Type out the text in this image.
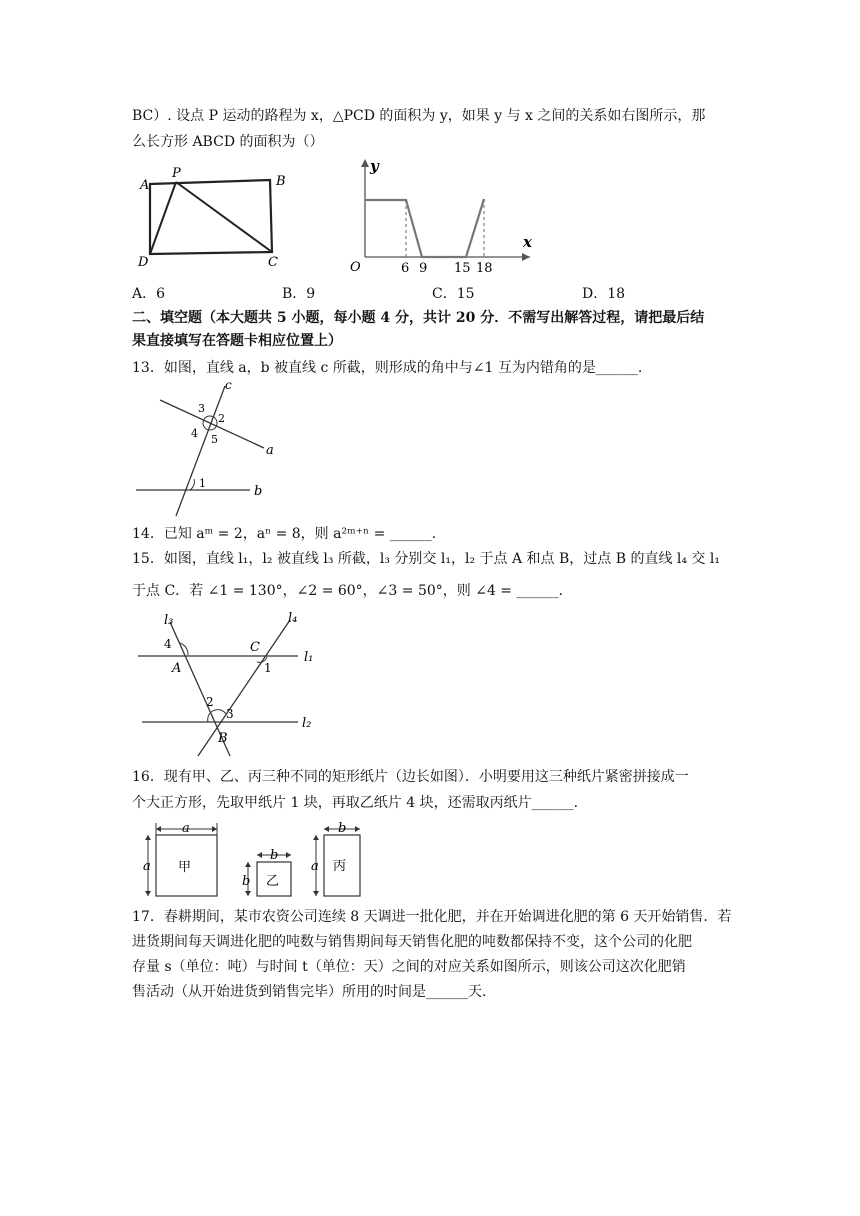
BC）. 设点 P 运动的路程为 x，△PCD 的面积为 y，如果 y 与 x 之间的关系如右图所示，那
么长方形 ABCD 的面积为（）
A
P
B
D	C
y
x
O	6 9 15 18
A．6	B．9	C．15	D．18
二、填空题（本大题共 5 小题，每小题 4 分，共计 20 分．不需写出解答过程，请把最后结
果直接填写在答题卡相应位置上）
13．如图，直线 a，b 被直线 c 所截，则形成的角中与∠1 互为内错角的是______.
c
3
2
4 5
a
1
b
14．已知 aᵐ = 2，aⁿ = 8，则 a²ᵐ⁺ⁿ = ______.
15．如图，直线 l₁，l₂ 被直线 l₃ 所截，l₃ 分别交 l₁，l₂ 于点 A 和点 B，过点 B 的直线 l₄ 交 l₁
于点 C．若 ∠1 = 130°，∠2 = 60°，∠3 = 50°，则 ∠4 = ______.
l₃	l₄
4	C
l₁
A	1
2
3
l₂
B
16．现有甲、乙、丙三种不同的矩形纸片（边长如图）．小明要用这三种纸片紧密拼接成一
个大正方形，先取甲纸片 1 块，再取乙纸片 4 块，还需取丙纸片______.
a
a 甲
b
b 乙
b
a 丙
17．春耕期间，某市农资公司连续 8 天调进一批化肥，并在开始调进化肥的第 6 天开始销售．若
进货期间每天调进化肥的吨数与销售期间每天销售化肥的吨数都保持不变，这个公司的化肥
存量 s（单位：吨）与时间 t（单位：天）之间的对应关系如图所示，则该公司这次化肥销
售活动（从开始进货到销售完毕）所用的时间是______天.
